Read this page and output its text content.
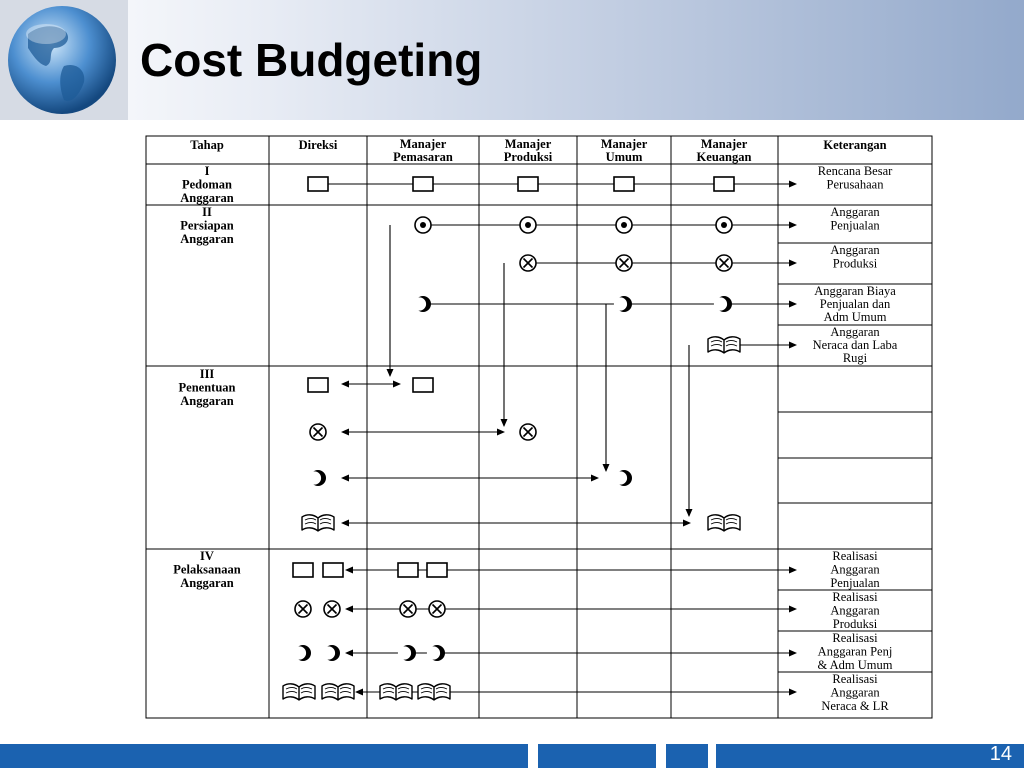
Cost Budgeting
Tahap	Direksi	Manajer Pemasaran
Manajer Produksi
Manajer Umum
Manajer Keuangan
Keterangan
I Pedoman Anggaran
II Persiapan Anggaran
III Penentuan Anggaran
IV Pelaksanaan Anggaran
Rencana Besar Perusahaan
Anggaran Penjualan
Anggaran Produksi
Anggaran Biaya Penjualan dan Adm Umum
Anggaran Neraca dan Laba Rugi
Realisasi Anggaran Penjualan
Realisasi Anggaran Produksi
Realisasi Anggaran Penj & Adm Umum
Realisasi Anggaran Neraca & LR
14
